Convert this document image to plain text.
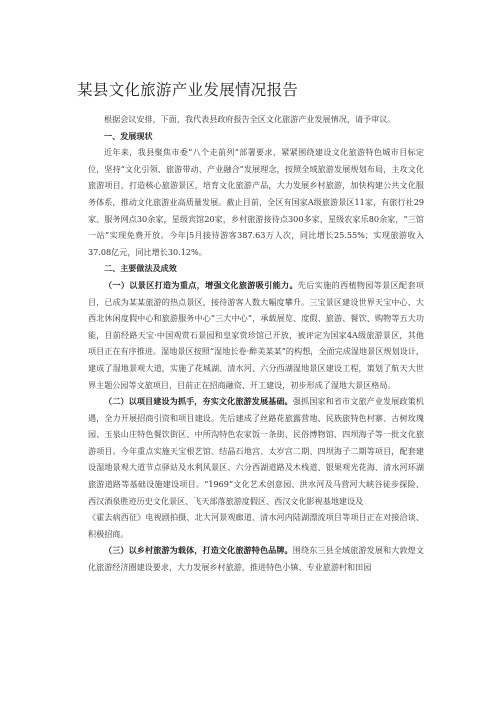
某县文化旅游产业发展情况报告

根据会议安排，下面，我代表县政府报告全区文化旅游产业发展情况，请予审议。

一、发展现状

近年来，我县聚焦市委“八个走前列”部署要求，紧紧围绕建设文化旅游特色城市目标定位，坚持“文化引领、旅游带动、产业融合”发展理念，按照全域旅游发展规划布局，主攻文化旅游项目，打造核心旅游景区，培育文化旅游产品，大力发展乡村旅游，加快构建公共文化服务体系，推动文化旅游业高质量发展。截止目前，全区有国家A级旅游景区11家，有旅行社29家、服务网点30余家，星级宾馆20家，乡村旅游接待点300多家，星级农家乐80余家，“三馆一站”实现免费开放。今年|5月接待游客387.63万人次，同比增长25.55%；实现旅游收入37.08亿元，同比增长30.12%。

二、主要做法及成效

（一）以景区打造为重点，增强文化旅游吸引能力。先后实施的西植物园等景区配套项目，已成为某某旅游的热点景区，接待游客人数大幅度攀升。三宝景区建设世界天宝中心、大西北休闲度假中心和旅游服务中心“三大中心”，承载展览、度假、旅游、餐饮、购物等五大功能，目前经路天宝·中国观赏石景园和皇家赏珍馆已开放，被评定为国家4A级旅游景区，其他项目正在有序推进。湿地景区按照“湿地长卷·醉美某某”的构想，全面完成湿地景区规划设计，建成了湿地景观大道，实施了花城湖、清水河、六分西湖湿地景区建设工程，策划了航天大世界主题公园等文旅项目，目前正在招商融资、开工建设，初步形成了湿地大景区格局。

（二）以项目建设为抓手，夯实文化旅游发展基础。强抓国家和省市文旅产业发展政策机遇，全力开展招商引资和项目建设。先后建成了丝路花旅露营地、民族旅特色村寨、古树玫瑰园、玉泉山庄特色餐饮街区、中所沟特色农家饭一条街、民俗博物馆、四坝海子等一批文化旅游项目。今年重点实施天宝根艺馆、结晶石地宫、太岁宫二期、四坝海子二期等项目，配套建设湿地景观大道节点驿站及水利风景区、六分西湖道路及木栈道、银果观光花海、清水河环湖旅游道路等基础设施建设项目。“1969”文化艺术创意园、洪水河及马营河大峡谷徒步探险、西汉酒泉胜迹历史文化景区、飞天部落旅游度假区、西汉文化影视基地建设及

《霍去病西征》电视剧拍摄、北大河景观廊道、清水河内陆湖漂流项目等项目正在对接洽谈、积极招商。

（三）以乡村旅游为载体，打造文化旅游特色品牌。围绕东三县全域旅游发展和大敦煌文化旅游经济圈建设要求，大力发展乡村旅游，推进特色小镇、专业旅游村和田园
